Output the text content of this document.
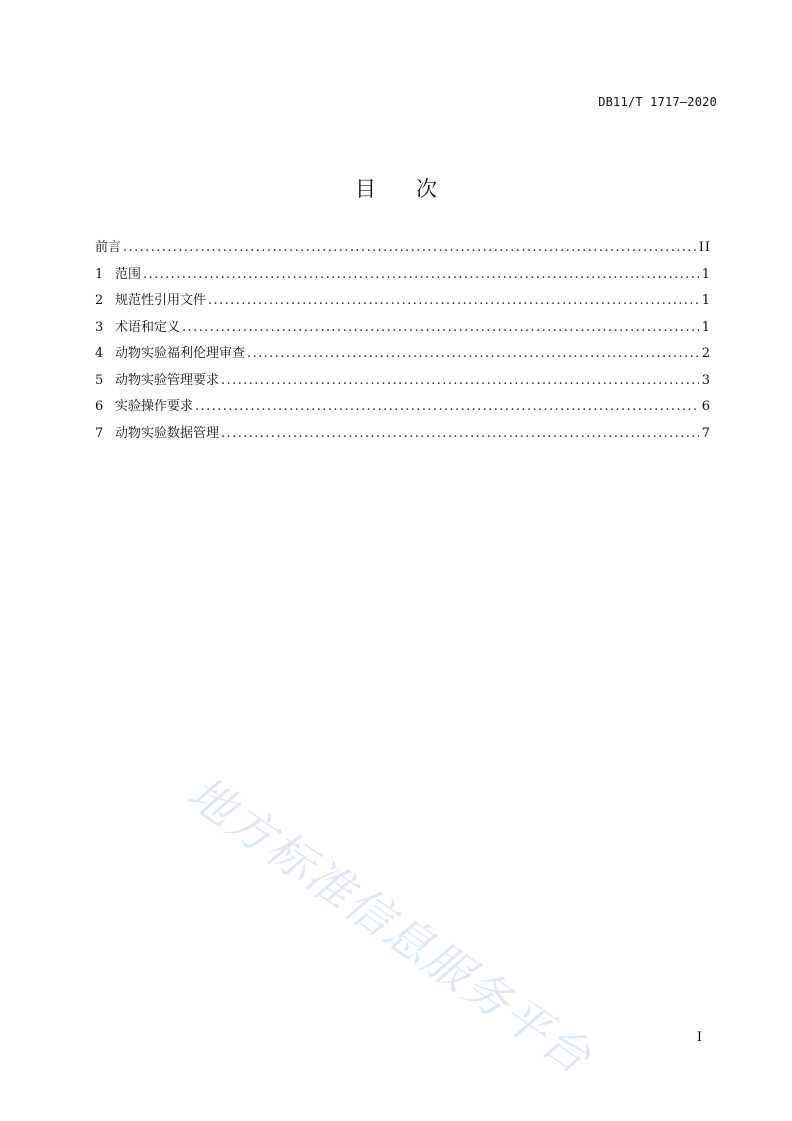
DB11/T 1717—2020
目次
前言 .....	II
1 范围 .....	1
2 规范性引用文件 .....	1
3 术语和定义 .....	1
4 动物实验福利伦理审查 .....	2
5 动物实验管理要求 .....	3
6 实验操作要求 .....	6
7 动物实验数据管理 .....	7
地方标准信息服务平台	I
